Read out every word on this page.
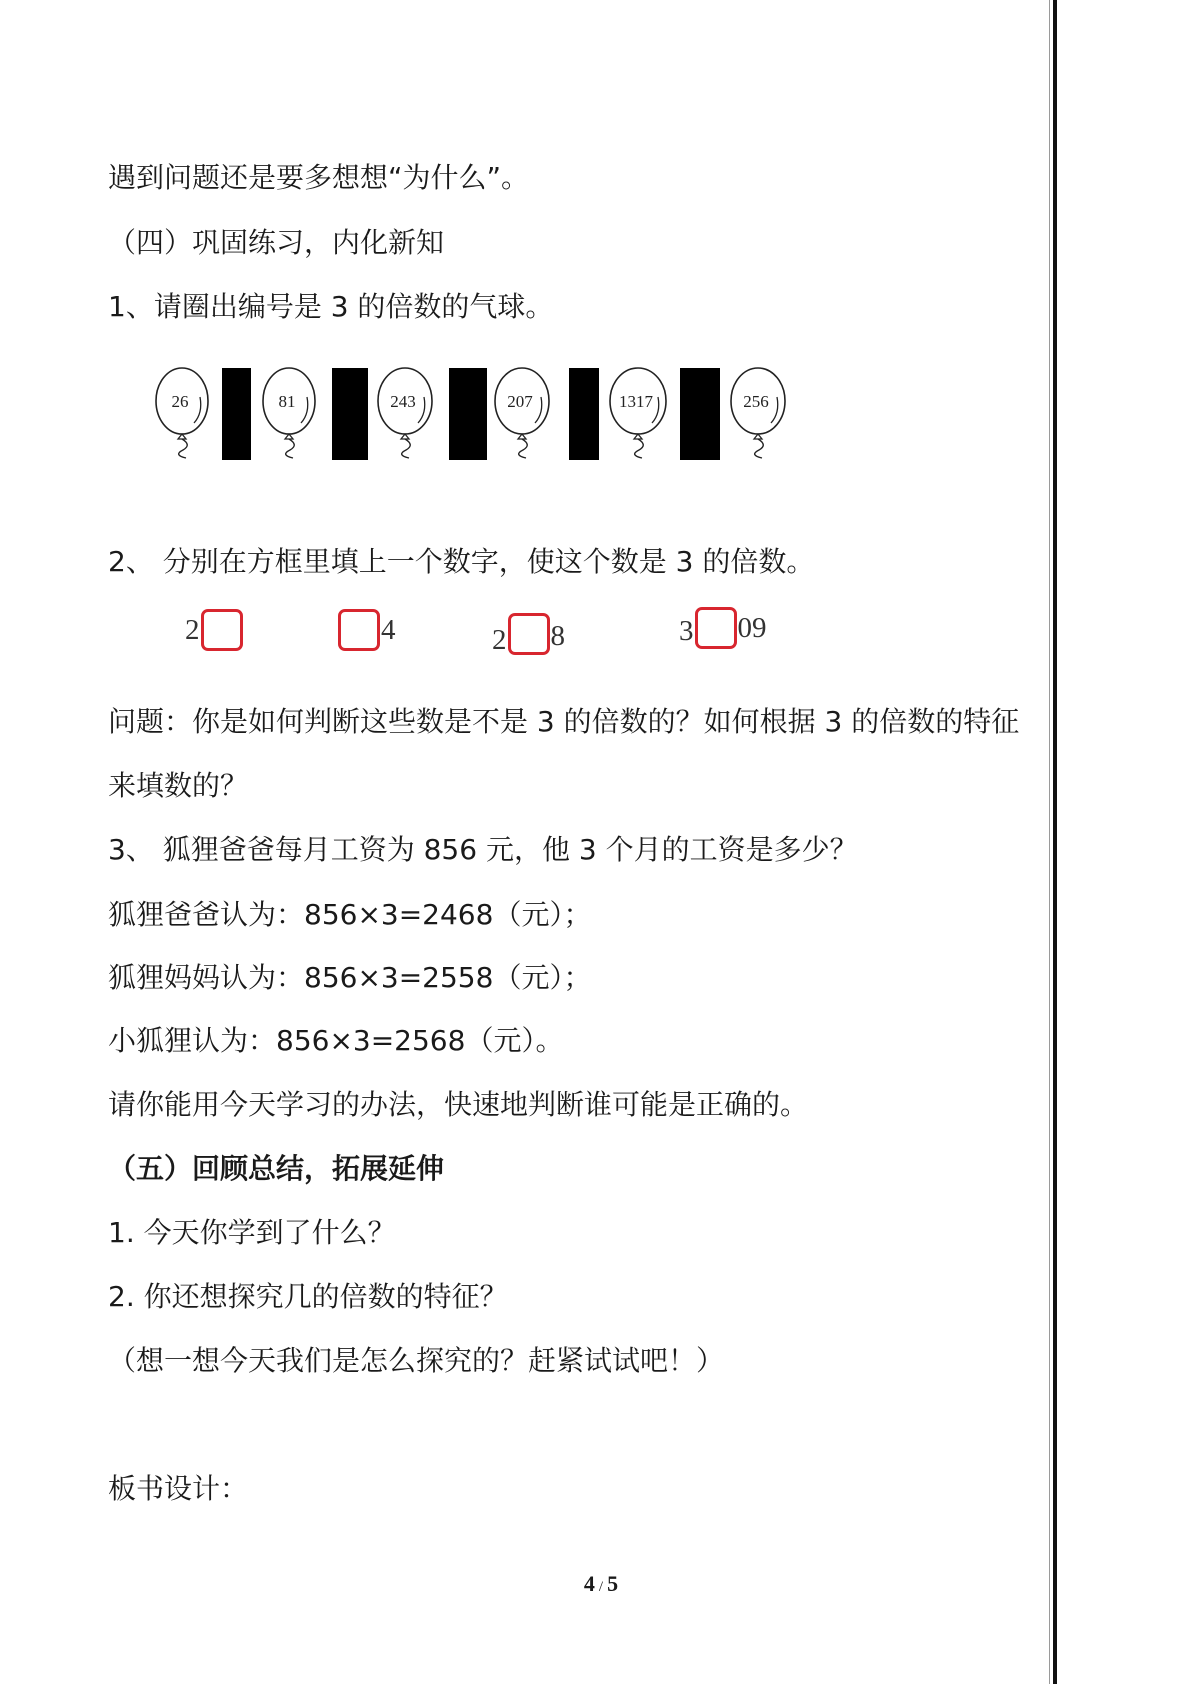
遇到问题还是要多想想“为什么”。
（四）巩固练习，内化新知
1、请圈出编号是 3 的倍数的气球。
26	81	243	207	1317	256
2、 分别在方框里填上一个数字，使这个数是 3 的倍数。
2	4	2 8	3 09
问题：你是如何判断这些数是不是 3 的倍数的？如何根据 3 的倍数的特征
来填数的？
3、 狐狸爸爸每月工资为 856 元，他 3 个月的工资是多少？
狐狸爸爸认为：856×3=2468（元）；
狐狸妈妈认为：856×3=2558（元）；
小狐狸认为：856×3=2568（元）。
请你能用今天学习的办法，快速地判断谁可能是正确的。
（五）回顾总结，拓展延伸
1. 今天你学到了什么？
2. 你还想探究几的倍数的特征？
（想一想今天我们是怎么探究的？赶紧试试吧！）
板书设计：
4 / 5
